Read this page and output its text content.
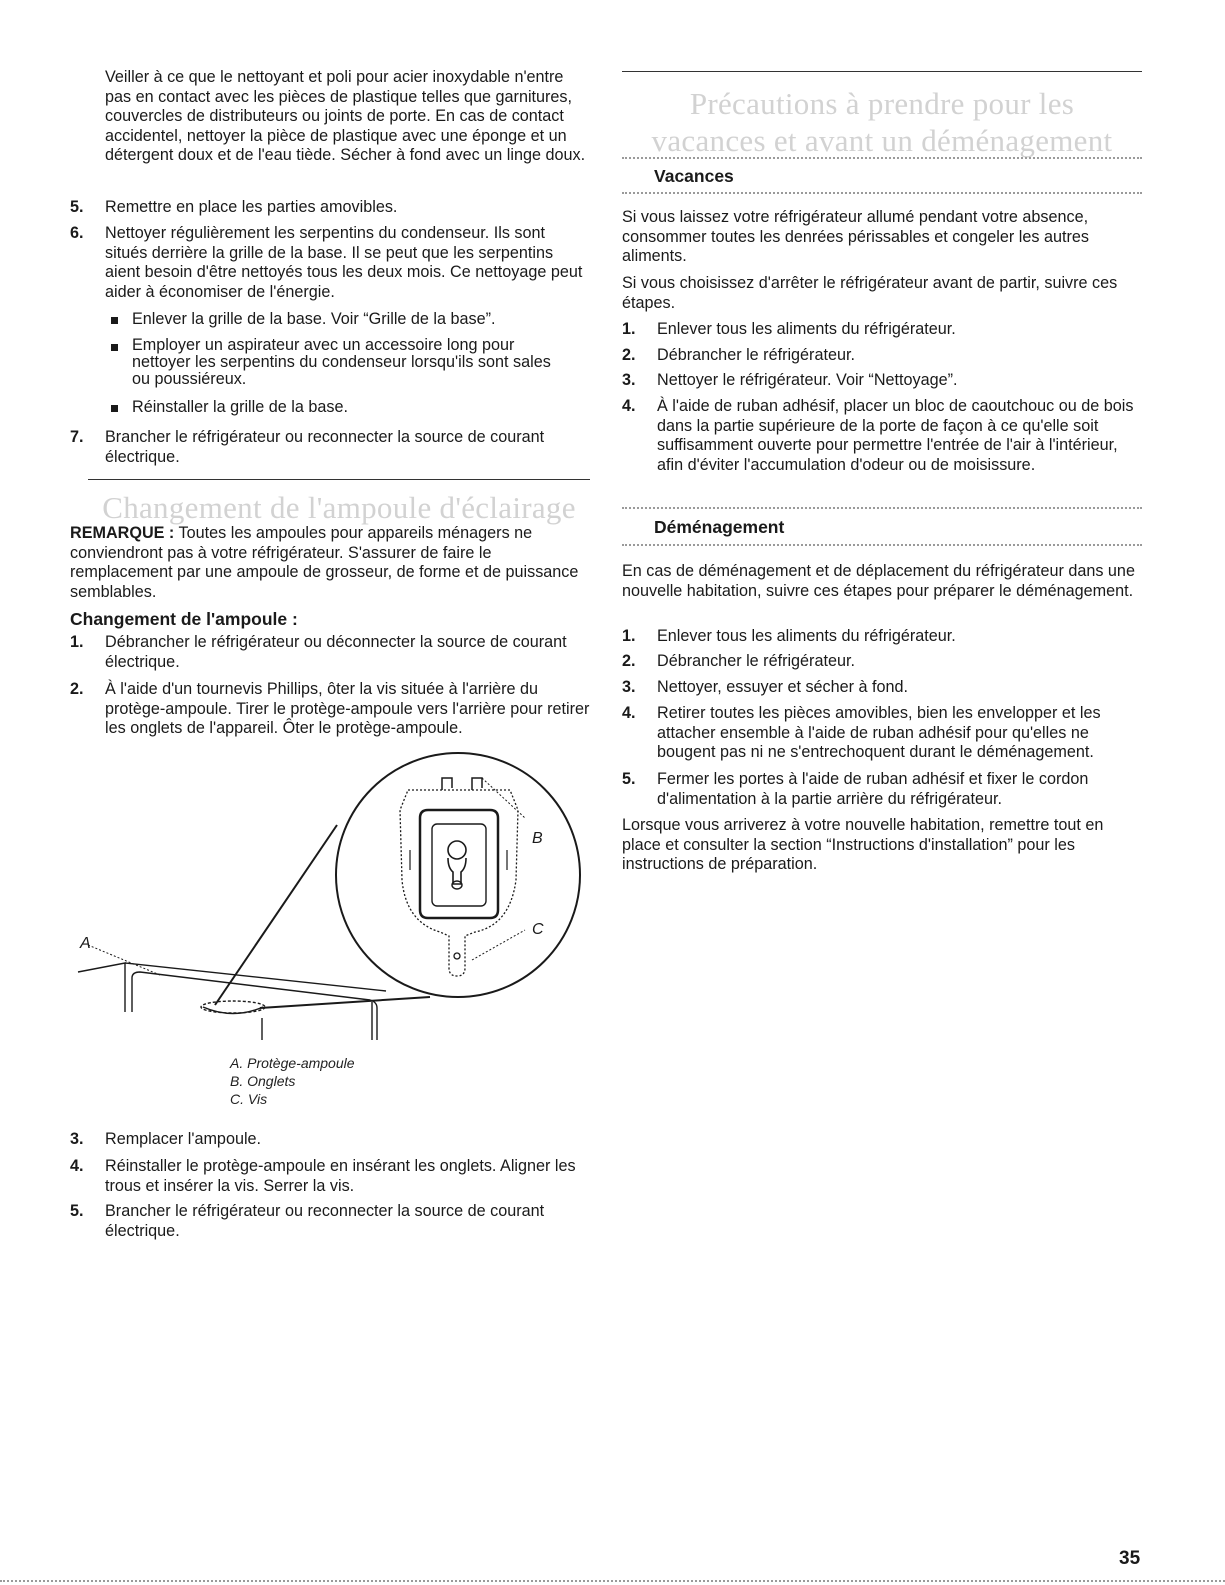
Veiller à ce que le nettoyant et poli pour acier inoxydable n'entre pas en contact avec les pièces de plastique telles que garnitures, couvercles de distributeurs ou joints de porte. En cas de contact accidentel, nettoyer la pièce de plastique avec une éponge et un détergent doux et de l'eau tiède. Sécher à fond avec un linge doux.

5. Remettre en place les parties amovibles.
6. Nettoyer régulièrement les serpentins du condenseur. Ils sont situés derrière la grille de la base. Il se peut que les serpentins aient besoin d'être nettoyés tous les deux mois. Ce nettoyage peut aider à économiser de l'énergie.
Enlever la grille de la base. Voir “Grille de la base”.
Employer un aspirateur avec un accessoire long pour nettoyer les serpentins du condenseur lorsqu'ils sont sales ou poussiéreux.
Réinstaller la grille de la base.
7. Brancher le réfrigérateur ou reconnecter la source de courant électrique.
Changement de l'ampoule d'éclairage

REMARQUE : Toutes les ampoules pour appareils ménagers ne conviendront pas à votre réfrigérateur. S'assurer de faire le remplacement par une ampoule de grosseur, de forme et de puissance semblables.

Changement de l'ampoule :
1. Débrancher le réfrigérateur ou déconnecter la source de courant électrique.
2. À l'aide d'un tournevis Phillips, ôter la vis située à l'arrière du protège-ampoule. Tirer le protège-ampoule vers l'arrière pour retirer les onglets de l'appareil. Ôter le protège-ampoule.
A
B
C
A. Protège-ampoule
B. Onglets
C. Vis
3. Remplacer l'ampoule.
4. Réinstaller le protège-ampoule en insérant les onglets. Aligner les trous et insérer la vis. Serrer la vis.
5. Brancher le réfrigérateur ou reconnecter la source de courant électrique.
Précautions à prendre pour les vacances et avant un déménagement
Vacances

Si vous laissez votre réfrigérateur allumé pendant votre absence, consommer toutes les denrées périssables et congeler les autres aliments.

Si vous choisissez d'arrêter le réfrigérateur avant de partir, suivre ces étapes.

1. Enlever tous les aliments du réfrigérateur.
2. Débrancher le réfrigérateur.
3. Nettoyer le réfrigérateur. Voir “Nettoyage”.
4. À l'aide de ruban adhésif, placer un bloc de caoutchouc ou de bois dans la partie supérieure de la porte de façon à ce qu'elle soit suffisamment ouverte pour permettre l'entrée de l'air à l'intérieur, afin d'éviter l'accumulation d'odeur ou de moisissure.
Déménagement

En cas de déménagement et de déplacement du réfrigérateur dans une nouvelle habitation, suivre ces étapes pour préparer le déménagement.

1. Enlever tous les aliments du réfrigérateur.
2. Débrancher le réfrigérateur.
3. Nettoyer, essuyer et sécher à fond.
4. Retirer toutes les pièces amovibles, bien les envelopper et les attacher ensemble à l'aide de ruban adhésif pour qu'elles ne bougent pas ni ne s'entrechoquent durant le déménagement.
5. Fermer les portes à l'aide de ruban adhésif et fixer le cordon d'alimentation à la partie arrière du réfrigérateur.

Lorsque vous arriverez à votre nouvelle habitation, remettre tout en place et consulter la section “Instructions d'installation” pour les instructions de préparation.

35
